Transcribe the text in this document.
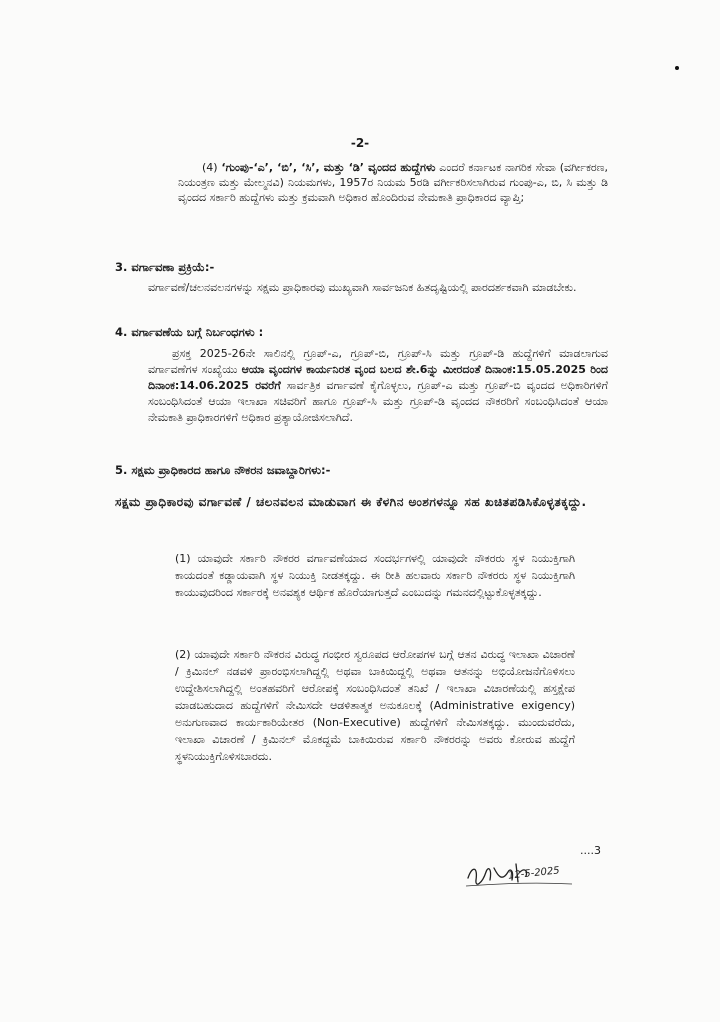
-2-
(4) ‘ಗುಂಪು-‘ಎ’, ‘ಬಿ’, ‘ಸಿ’, ಮತ್ತು ‘ಡಿ’ ವೃಂದದ ಹುದ್ದೆಗಳು ಎಂದರೆ ಕರ್ನಾಟಕ ನಾಗರಿಕ ಸೇವಾ (ವರ್ಗೀಕರಣ, ನಿಯಂತ್ರಣ ಮತ್ತು ಮೇಲ್ಮನವಿ) ನಿಯಮಗಳು, 1957ರ ನಿಯಮ 5ರಡಿ ವರ್ಗೀಕರಿಸಲಾಗಿರುವ ಗುಂಪು-ಎ, ಬಿ, ಸಿ ಮತ್ತು ಡಿ ವೃಂದದ ಸರ್ಕಾರಿ ಹುದ್ದೆಗಳು ಮತ್ತು ಕ್ರಮವಾಗಿ ಅಧಿಕಾರ ಹೊಂದಿರುವ ನೇಮಕಾತಿ ಪ್ರಾಧಿಕಾರದ ವ್ಯಾಪ್ತಿ;
3. ವರ್ಗಾವಣಾ ಪ್ರಕ್ರಿಯೆ:-
ವರ್ಗಾವಣೆ/ಚಲನವಲನಗಳನ್ನು ಸಕ್ಷಮ ಪ್ರಾಧಿಕಾರವು ಮುಖ್ಯವಾಗಿ ಸಾರ್ವಜನಿಕ ಹಿತದೃಷ್ಟಿಯಲ್ಲಿ ಪಾರದರ್ಶಕವಾಗಿ ಮಾಡಬೇಕು.
4. ವರ್ಗಾವಣೆಯ ಬಗ್ಗೆ ನಿರ್ಬಂಧಗಳು :
ಪ್ರಸಕ್ತ 2025-26ನೇ ಸಾಲಿನಲ್ಲಿ ಗ್ರೂಪ್-ಎ, ಗ್ರೂಪ್-ಬಿ, ಗ್ರೂಪ್-ಸಿ ಮತ್ತು ಗ್ರೂಪ್-ಡಿ ಹುದ್ದೆಗಳಿಗೆ ಮಾಡಲಾಗುವ ವರ್ಗಾವಣೆಗಳ ಸಂಖ್ಯೆಯು ಆಯಾ ವೃಂದಗಳ ಕಾರ್ಯನಿರತ ವೃಂದ ಬಲದ ಶೇ.6ನ್ನು ಮೀರದಂತೆ ದಿನಾಂಕ:15.05.2025 ರಿಂದ ದಿನಾಂಕ:14.06.2025 ರವರೆಗೆ ಸಾರ್ವತ್ರಿಕ ವರ್ಗಾವಣೆ ಕೈಗೊಳ್ಳಲು, ಗ್ರೂಪ್-ಎ ಮತ್ತು ಗ್ರೂಪ್-ಬಿ ವೃಂದದ ಅಧಿಕಾರಿಗಳಿಗೆ ಸಂಬಂಧಿಸಿದಂತೆ ಆಯಾ ಇಲಾಖಾ ಸಚಿವರಿಗೆ ಹಾಗೂ ಗ್ರೂಪ್-ಸಿ ಮತ್ತು ಗ್ರೂಪ್-ಡಿ ವೃಂದದ ನೌಕರರಿಗೆ ಸಂಬಂಧಿಸಿದಂತೆ ಆಯಾ ನೇಮಕಾತಿ ಪ್ರಾಧಿಕಾರಗಳಿಗೆ ಅಧಿಕಾರ ಪ್ರತ್ಯಾಯೋಜಿಸಲಾಗಿದೆ.
5. ಸಕ್ಷಮ ಪ್ರಾಧಿಕಾರದ ಹಾಗೂ ನೌಕರನ ಜವಾಬ್ದಾರಿಗಳು:-
ಸಕ್ಷಮ ಪ್ರಾಧಿಕಾರವು ವರ್ಗಾವಣೆ / ಚಲನವಲನ ಮಾಡುವಾಗ ಈ ಕೆಳಗಿನ ಅಂಶಗಳನ್ನೂ ಸಹ ಖಚಿತಪಡಿಸಿಕೊಳ್ಳತಕ್ಕದ್ದು.
(1) ಯಾವುದೇ ಸರ್ಕಾರಿ ನೌಕರರ ವರ್ಗಾವಣೆಯಾದ ಸಂದರ್ಭಗಳಲ್ಲಿ ಯಾವುದೇ ನೌಕರರು ಸ್ಥಳ ನಿಯುಕ್ತಿಗಾಗಿ ಕಾಯದಂತೆ ಕಡ್ಡಾಯವಾಗಿ ಸ್ಥಳ ನಿಯುಕ್ತಿ ನೀಡತಕ್ಕದ್ದು. ಈ ರೀತಿ ಹಲವಾರು ಸರ್ಕಾರಿ ನೌಕರರು ಸ್ಥಳ ನಿಯುಕ್ತಿಗಾಗಿ ಕಾಯುವುದರಿಂದ ಸರ್ಕಾರಕ್ಕೆ ಅನವಶ್ಯಕ ಆರ್ಥಿಕ ಹೊರೆಯಾಗುತ್ತದೆ ಎಂಬುದನ್ನು ಗಮನದಲ್ಲಿಟ್ಟುಕೊಳ್ಳತಕ್ಕದ್ದು.
(2) ಯಾವುದೇ ಸರ್ಕಾರಿ ನೌಕರನ ವಿರುದ್ಧ ಗಂಭೀರ ಸ್ವರೂಪದ ಆರೋಪಗಳ ಬಗ್ಗೆ ಆತನ ವಿರುದ್ಧ ಇಲಾಖಾ ವಿಚಾರಣೆ / ಕ್ರಿಮಿನಲ್ ನಡವಳಿ ಪ್ರಾರಂಭಿಸಲಾಗಿದ್ದಲ್ಲಿ ಅಥವಾ ಬಾಕಿಯಿದ್ದಲ್ಲಿ ಅಥವಾ ಆತನನ್ನು ಅಭಿಯೋಜನೆಗೊಳಿಸಲು ಉದ್ದೇಶಿಸಲಾಗಿದ್ದಲ್ಲಿ ಅಂತಹವರಿಗೆ ಆರೋಪಕ್ಕೆ ಸಂಬಂಧಿಸಿದಂತೆ ತನಿಖೆ / ಇಲಾಖಾ ವಿಚಾರಣೆಯಲ್ಲಿ ಹಸ್ತಕ್ಷೇಪ ಮಾಡಬಹುದಾದ ಹುದ್ದೆಗಳಿಗೆ ನೇಮಿಸದೇ ಆಡಳಿತಾತ್ಮಕ ಅನುಕೂಲಕ್ಕೆ (Administrative exigency) ಅನುಗುಣವಾದ ಕಾರ್ಯಕಾರಿಯೇತರ (Non-Executive) ಹುದ್ದೆಗಳಿಗೆ ನೇಮಿಸತಕ್ಕದ್ದು. ಮುಂದುವರೆದು, ಇಲಾಖಾ ವಿಚಾರಣೆ / ಕ್ರಿಮಿನಲ್ ಮೊಕದ್ದಮೆ ಬಾಕಿಯಿರುವ ಸರ್ಕಾರಿ ನೌಕರರನ್ನು ಅವರು ಕೋರುವ ಹುದ್ದೆಗೆ ಸ್ಥಳನಿಯುಕ್ತಿಗೊಳಿಸಬಾರದು.
....3
12-5-2025
